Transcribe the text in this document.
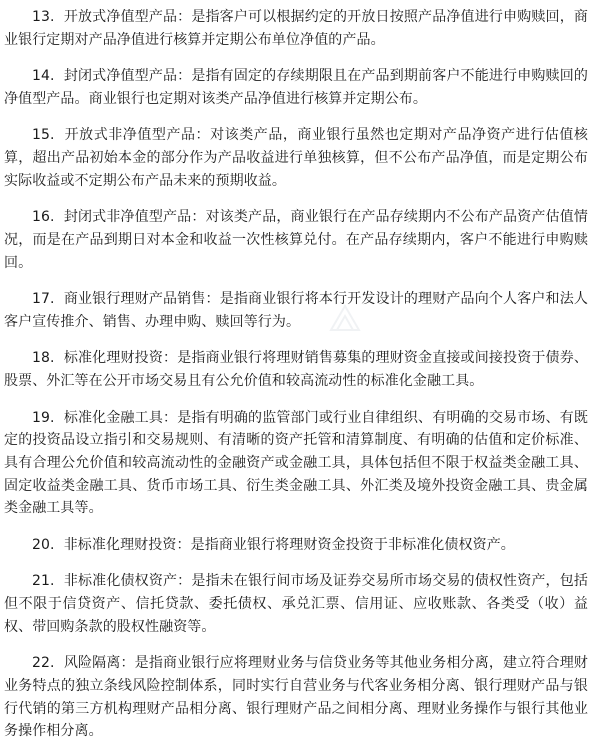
13. 开放式净值型产品：是指客户可以根据约定的开放日按照产品净值进行申购赎回，商业银行定期对产品净值进行核算并定期公布单位净值的产品。

14. 封闭式净值型产品：是指有固定的存续期限且在产品到期前客户不能进行申购赎回的净值型产品。商业银行也定期对该类产品净值进行核算并定期公布。

15. 开放式非净值型产品：对该类产品，商业银行虽然也定期对产品净资产进行估值核算，超出产品初始本金的部分作为产品收益进行单独核算，但不公布产品净值，而是定期公布实际收益或不定期公布产品未来的预期收益。

16. 封闭式非净值型产品：对该类产品，商业银行在产品存续期内不公布产品资产估值情况，而是在产品到期日对本金和收益一次性核算兑付。在产品存续期内，客户不能进行申购赎回。

17. 商业银行理财产品销售：是指商业银行将本行开发设计的理财产品向个人客户和法人客户宣传推介、销售、办理申购、赎回等行为。

18. 标准化理财投资：是指商业银行将理财销售募集的理财资金直接或间接投资于债券、股票、外汇等在公开市场交易且有公允价值和较高流动性的标准化金融工具。

19. 标准化金融工具：是指有明确的监管部门或行业自律组织、有明确的交易市场、有既定的投资品设立指引和交易规则、有清晰的资产托管和清算制度、有明确的估值和定价标准、具有合理公允价值和较高流动性的金融资产或金融工具，具体包括但不限于权益类金融工具、固定收益类金融工具、货币市场工具、衍生类金融工具、外汇类及境外投资金融工具、贵金属类金融工具等。

20. 非标准化理财投资：是指商业银行将理财资金投资于非标准化债权资产。

21. 非标准化债权资产：是指未在银行间市场及证券交易所市场交易的债权性资产，包括但不限于信贷资产、信托贷款、委托债权、承兑汇票、信用证、应收账款、各类受（收）益权、带回购条款的股权性融资等。

22. 风险隔离：是指商业银行应将理财业务与信贷业务等其他业务相分离，建立符合理财业务特点的独立条线风险控制体系，同时实行自营业务与代客业务相分离、银行理财产品与银行代销的第三方机构理财产品相分离、银行理财产品之间相分离、理财业务操作与银行其他业务操作相分离。
